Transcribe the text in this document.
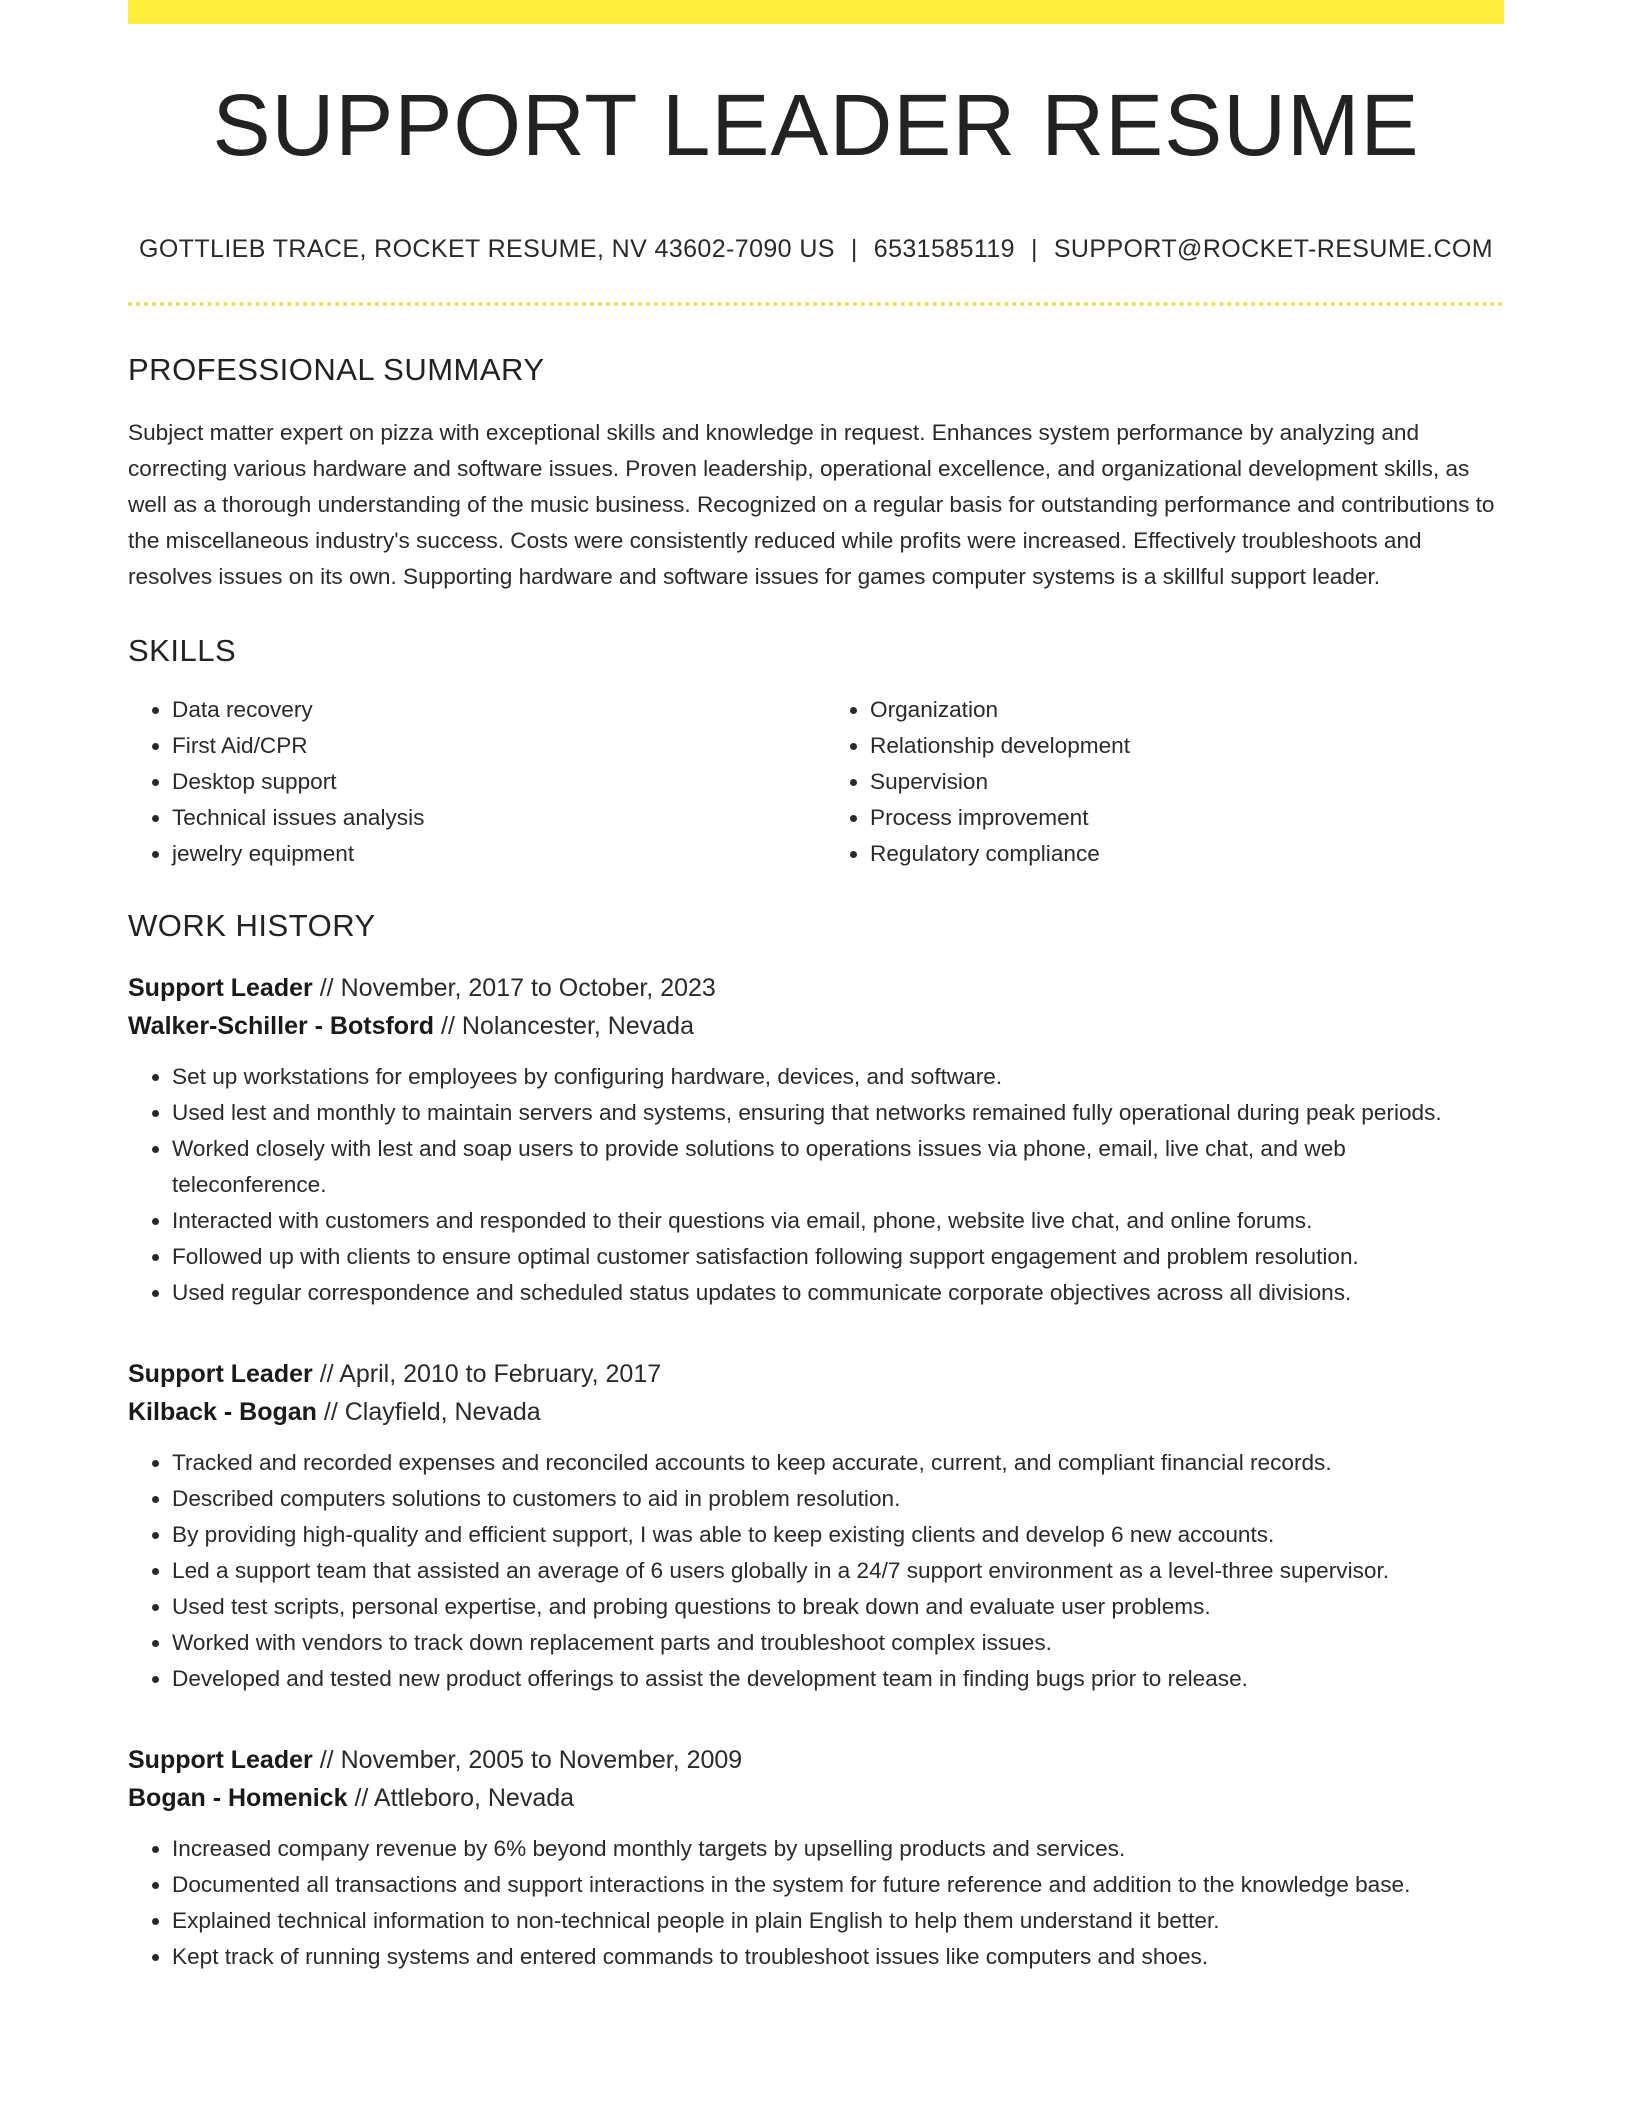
SUPPORT LEADER RESUME
GOTTLIEB TRACE, ROCKET RESUME, NV 43602-7090 US | 6531585119 | SUPPORT@ROCKET-RESUME.COM
PROFESSIONAL SUMMARY

Subject matter expert on pizza with exceptional skills and knowledge in request. Enhances system performance by analyzing and correcting various hardware and software issues. Proven leadership, operational excellence, and organizational development skills, as well as a thorough understanding of the music business. Recognized on a regular basis for outstanding performance and contributions to the miscellaneous industry's success. Costs were consistently reduced while profits were increased. Effectively troubleshoots and resolves issues on its own. Supporting hardware and software issues for games computer systems is a skillful support leader.

SKILLS
• Data recovery
• First Aid/CPR
• Desktop support
• Technical issues analysis
• jewelry equipment
• Organization
• Relationship development
• Supervision
• Process improvement
• Regulatory compliance
WORK HISTORY
Support Leader // November, 2017 to October, 2023
Walker-Schiller - Botsford // Nolancester, Nevada
• Set up workstations for employees by configuring hardware, devices, and software.
• Used lest and monthly to maintain servers and systems, ensuring that networks remained fully operational during peak periods.
• Worked closely with lest and soap users to provide solutions to operations issues via phone, email, live chat, and web teleconference.
• Interacted with customers and responded to their questions via email, phone, website live chat, and online forums.
• Followed up with clients to ensure optimal customer satisfaction following support engagement and problem resolution.
• Used regular correspondence and scheduled status updates to communicate corporate objectives across all divisions.
Support Leader // April, 2010 to February, 2017
Kilback - Bogan // Clayfield, Nevada
• Tracked and recorded expenses and reconciled accounts to keep accurate, current, and compliant financial records.
• Described computers solutions to customers to aid in problem resolution.
• By providing high-quality and efficient support, I was able to keep existing clients and develop 6 new accounts.
• Led a support team that assisted an average of 6 users globally in a 24/7 support environment as a level-three supervisor.
• Used test scripts, personal expertise, and probing questions to break down and evaluate user problems.
• Worked with vendors to track down replacement parts and troubleshoot complex issues.
• Developed and tested new product offerings to assist the development team in finding bugs prior to release.
Support Leader // November, 2005 to November, 2009
Bogan - Homenick // Attleboro, Nevada
• Increased company revenue by 6% beyond monthly targets by upselling products and services.
• Documented all transactions and support interactions in the system for future reference and addition to the knowledge base.
• Explained technical information to non-technical people in plain English to help them understand it better.
• Kept track of running systems and entered commands to troubleshoot issues like computers and shoes.
